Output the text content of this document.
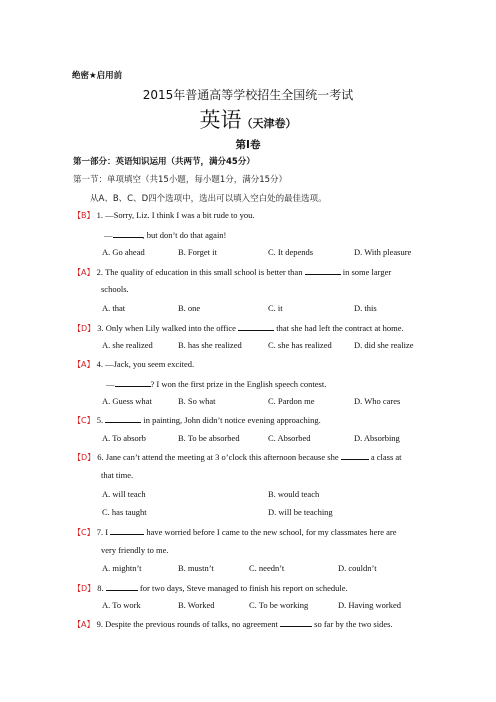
绝密★启用前
2015年普通高等学校招生全国统一考试
英语（天津卷）
第Ⅰ卷
第一部分：英语知识运用（共两节，满分45分）
第一节：单项填空（共15小题，每小题1分，满分15分）
从A、B、C、D四个选项中，选出可以填入空白处的最佳选项。
【B】 1. —Sorry, Liz. I think I was a bit rude to you.
—	, but don’t do that again!
A. Go ahead	B. Forget it	C. It depends	D. With pleasure
【A】 2. The quality of education in this small school is better than	in some larger
schools.
A. that	B. one	C. it	D. this
【D】 3. Only when Lily walked into the office	that she had left the contract at home.
A. she realized	B. has she realized	C. she has realized	D. did she realize
【A】 4. —Jack, you seem excited.
—	? I won the first prize in the English speech contest.
A. Guess what	B. So what	C. Pardon me	D. Who cares
【C】 5.	in painting, John didn’t notice evening approaching.
A. To absorb	B. To be absorbed	C. Absorbed	D. Absorbing
【D】 6. Jane can’t attend the meeting at 3 o’clock this afternoon because she	a class at
that time.
A. will teach	B. would teach
C. has taught	D. will be teaching
【C】 7. I	have worried before I came to the new school, for my classmates here are
very friendly to me.
A. mightn’t	B. mustn’t	C. needn’t	D. couldn’t
【D】 8.	for two days, Steve managed to finish his report on schedule.
A. To work	B. Worked	C. To be working	D. Having worked
【A】 9. Despite the previous rounds of talks, no agreement	so far by the two sides.
